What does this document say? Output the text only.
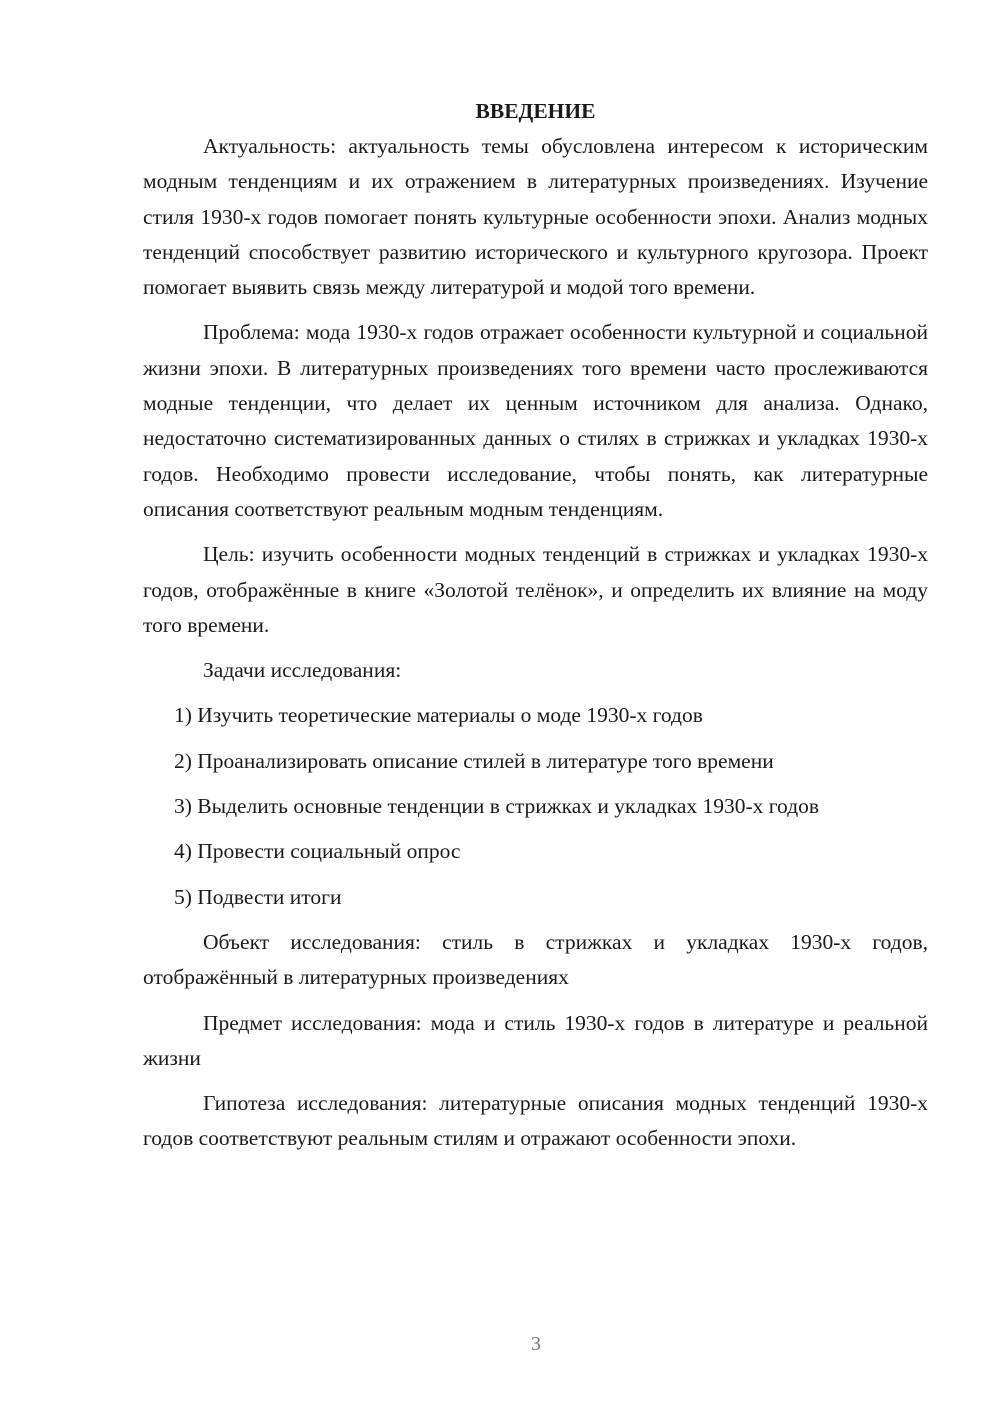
ВВЕДЕНИЕ

Актуальность: актуальность темы обусловлена интересом к историческим модным тенденциям и их отражением в литературных произведениях. Изучение стиля 1930-х годов помогает понять культурные особенности эпохи. Анализ модных тенденций способствует развитию исторического и культурного кругозора. Проект помогает выявить связь между литературой и модой того времени.

Проблема: мода 1930-х годов отражает особенности культурной и социальной жизни эпохи. В литературных произведениях того времени часто прослеживаются модные тенденции, что делает их ценным источником для анализа. Однако, недостаточно систематизированных данных о стилях в стрижках и укладках 1930-х годов. Необходимо провести исследование, чтобы понять, как литературные описания соответствуют реальным модным тенденциям.

Цель: изучить особенности модных тенденций в стрижках и укладках 1930-х годов, отображённые в книге «Золотой телёнок», и определить их влияние на моду того времени.

Задачи исследования:

1) Изучить теоретические материалы о моде 1930-х годов
2) Проанализировать описание стилей в литературе того времени
3) Выделить основные тенденции в стрижках и укладках 1930-х годов
4) Провести социальный опрос
5) Подвести итоги

Объект исследования: стиль в стрижках и укладках 1930-х годов, отображённый в литературных произведениях

Предмет исследования: мода и стиль 1930-х годов в литературе и реальной жизни

Гипотеза исследования: литературные описания модных тенденций 1930-х годов соответствуют реальным стилям и отражают особенности эпохи.

3
